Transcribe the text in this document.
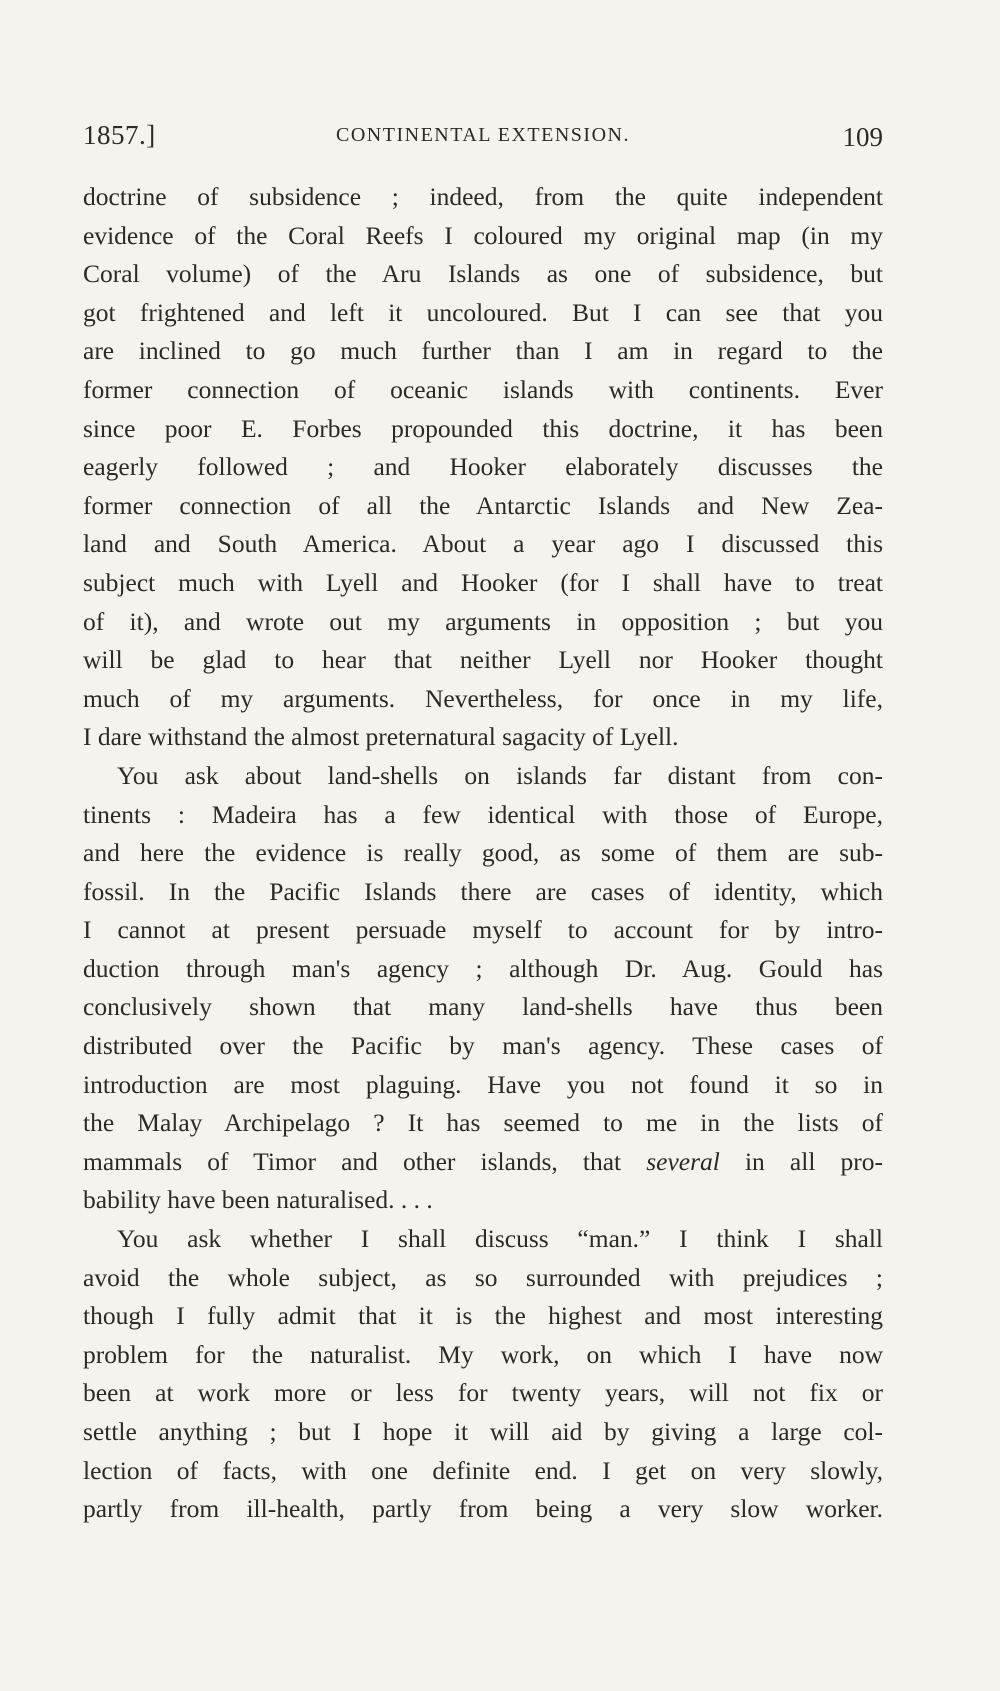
1857.]	CONTINENTAL EXTENSION.	109

doctrine of subsidence ; indeed, from the quite independent
evidence of the Coral Reefs I coloured my original map (in my
Coral volume) of the Aru Islands as one of subsidence, but
got frightened and left it uncoloured. But I can see that you
are inclined to go much further than I am in regard to the
former connection of oceanic islands with continents. Ever
since poor E. Forbes propounded this doctrine, it has been
eagerly followed ; and Hooker elaborately discusses the
former connection of all the Antarctic Islands and New Zea-
land and South America. About a year ago I discussed this
subject much with Lyell and Hooker (for I shall have to treat
of it), and wrote out my arguments in opposition ; but you
will be glad to hear that neither Lyell nor Hooker thought
much of my arguments. Nevertheless, for once in my life,
I dare withstand the almost preternatural sagacity of Lyell.

You ask about land-shells on islands far distant from con-
tinents : Madeira has a few identical with those of Europe,
and here the evidence is really good, as some of them are sub-
fossil. In the Pacific Islands there are cases of identity, which
I cannot at present persuade myself to account for by intro-
duction through man's agency ; although Dr. Aug. Gould has
conclusively shown that many land-shells have thus been
distributed over the Pacific by man's agency. These cases of
introduction are most plaguing. Have you not found it so in
the Malay Archipelago ? It has seemed to me in the lists of
mammals of Timor and other islands, that several in all pro-
bability have been naturalised. . . .

You ask whether I shall discuss “man.” I think I shall
avoid the whole subject, as so surrounded with prejudices ;
though I fully admit that it is the highest and most interesting
problem for the naturalist. My work, on which I have now
been at work more or less for twenty years, will not fix or
settle anything ; but I hope it will aid by giving a large col-
lection of facts, with one definite end. I get on very slowly,
partly from ill-health, partly from being a very slow worker.
